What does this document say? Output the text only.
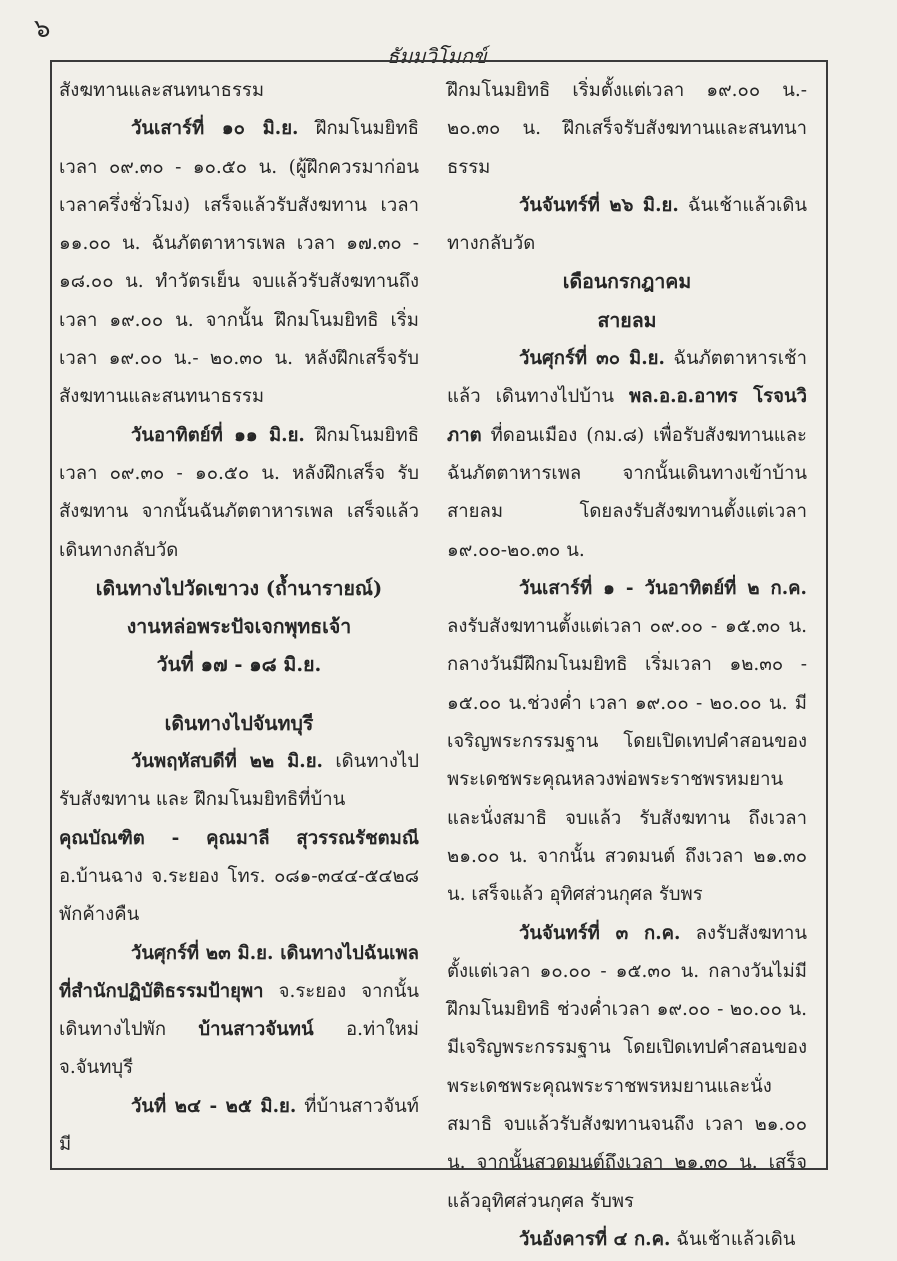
๖
ธัมมวิโมกข์

สังฆทานและสนทนาธรรม

วันเสาร์ที่ ๑๐ มิ.ย. ฝึกมโนมยิทธิ เวลา ๐๙.๓๐ - ๑๐.๕๐ น. (ผู้ฝึกควรมาก่อนเวลาครึ่งชั่วโมง) เสร็จแล้วรับสังฆทาน เวลา ๑๑.๐๐ น. ฉันภัตตาหารเพล เวลา ๑๗.๓๐ - ๑๘.๐๐ น. ทำวัตรเย็น จบแล้วรับสังฆทานถึงเวลา ๑๙.๐๐ น. จากนั้น ฝึกมโนมยิทธิ เริ่มเวลา ๑๙.๐๐ น.- ๒๐.๓๐ น. หลังฝึกเสร็จรับสังฆทานและสนทนาธรรม

วันอาทิตย์ที่ ๑๑ มิ.ย. ฝึกมโนมยิทธิ เวลา ๐๙.๓๐ - ๑๐.๕๐ น. หลังฝึกเสร็จ รับสังฆทาน จากนั้นฉันภัตตาหารเพล เสร็จแล้วเดินทางกลับวัด

เดินทางไปวัดเขาวง (ถ้ำนารายณ์)

งานหล่อพระปัจเจกพุทธเจ้า

วันที่ ๑๗ - ๑๘ มิ.ย.

เดินทางไปจันทบุรี

วันพฤหัสบดีที่ ๒๒ มิ.ย. เดินทางไปรับสังฆทาน และ ฝึกมโนมยิทธิที่บ้าน

คุณบัณฑิต - คุณมาลี สุวรรณรัชตมณี อ.บ้านฉาง จ.ระยอง โทร. ๐๘๑-๓๔๔-๕๔๒๘ พักค้างคืน

วันศุกร์ที่ ๒๓ มิ.ย. เดินทางไปฉันเพลที่สำนักปฏิบัติธรรมป้ายุพา จ.ระยอง จากนั้นเดินทางไปพัก บ้านสาวจันทน์ อ.ท่าใหม่ จ.จันทบุรี

วันที่ ๒๔ - ๒๕ มิ.ย. ที่บ้านสาวจันท์ มี

ฝึกมโนมยิทธิ เริ่มตั้งแต่เวลา ๑๙.๐๐ น.- ๒๐.๓๐ น. ฝึกเสร็จรับสังฆทานและสนทนาธรรม

วันจันทร์ที่ ๒๖ มิ.ย. ฉันเช้าแล้วเดินทางกลับวัด

เดือนกรกฎาคม

สายลม

วันศุกร์ที่ ๓๐ มิ.ย. ฉันภัตตาหารเช้าแล้ว เดินทางไปบ้าน พล.อ.อ.อาทร โรจนวิภาต ที่ดอนเมือง (กม.๘) เพื่อรับสังฆทานและฉันภัตตาหารเพล จากนั้นเดินทางเข้าบ้านสายลม โดยลงรับสังฆทานตั้งแต่เวลา ๑๙.๐๐-๒๐.๓๐ น.

วันเสาร์ที่ ๑ - วันอาทิตย์ที่ ๒ ก.ค. ลงรับสังฆทานตั้งแต่เวลา ๐๙.๐๐ - ๑๕.๓๐ น. กลางวันมีฝึกมโนมยิทธิ เริ่มเวลา ๑๒.๓๐ - ๑๕.๐๐ น.ช่วงค่ำ เวลา ๑๙.๐๐ - ๒๐.๐๐ น. มีเจริญพระกรรมฐาน โดยเปิดเทปคำสอนของพระเดชพระคุณหลวงพ่อพระราชพรหมยาน และนั่งสมาธิ จบแล้ว รับสังฆทาน ถึงเวลา ๒๑.๐๐ น. จากนั้น สวดมนต์ ถึงเวลา ๒๑.๓๐ น. เสร็จแล้ว อุทิศส่วนกุศล รับพร

วันจันทร์ที่ ๓ ก.ค. ลงรับสังฆทาน ตั้งแต่เวลา ๑๐.๐๐ - ๑๕.๓๐ น. กลางวันไม่มีฝึกมโนมยิทธิ ช่วงค่ำเวลา ๑๙.๐๐ - ๒๐.๐๐ น. มีเจริญพระกรรมฐาน โดยเปิดเทปคำสอนของพระเดชพระคุณพระราชพรหมยานและนั่งสมาธิ จบแล้วรับสังฆทานจนถึง เวลา ๒๑.๐๐ น. จากนั้นสวดมนต์ถึงเวลา ๒๑.๓๐ น. เสร็จแล้วอุทิศส่วนกุศล รับพร

วันอังคารที่ ๔ ก.ค. ฉันเช้าแล้วเดิน
